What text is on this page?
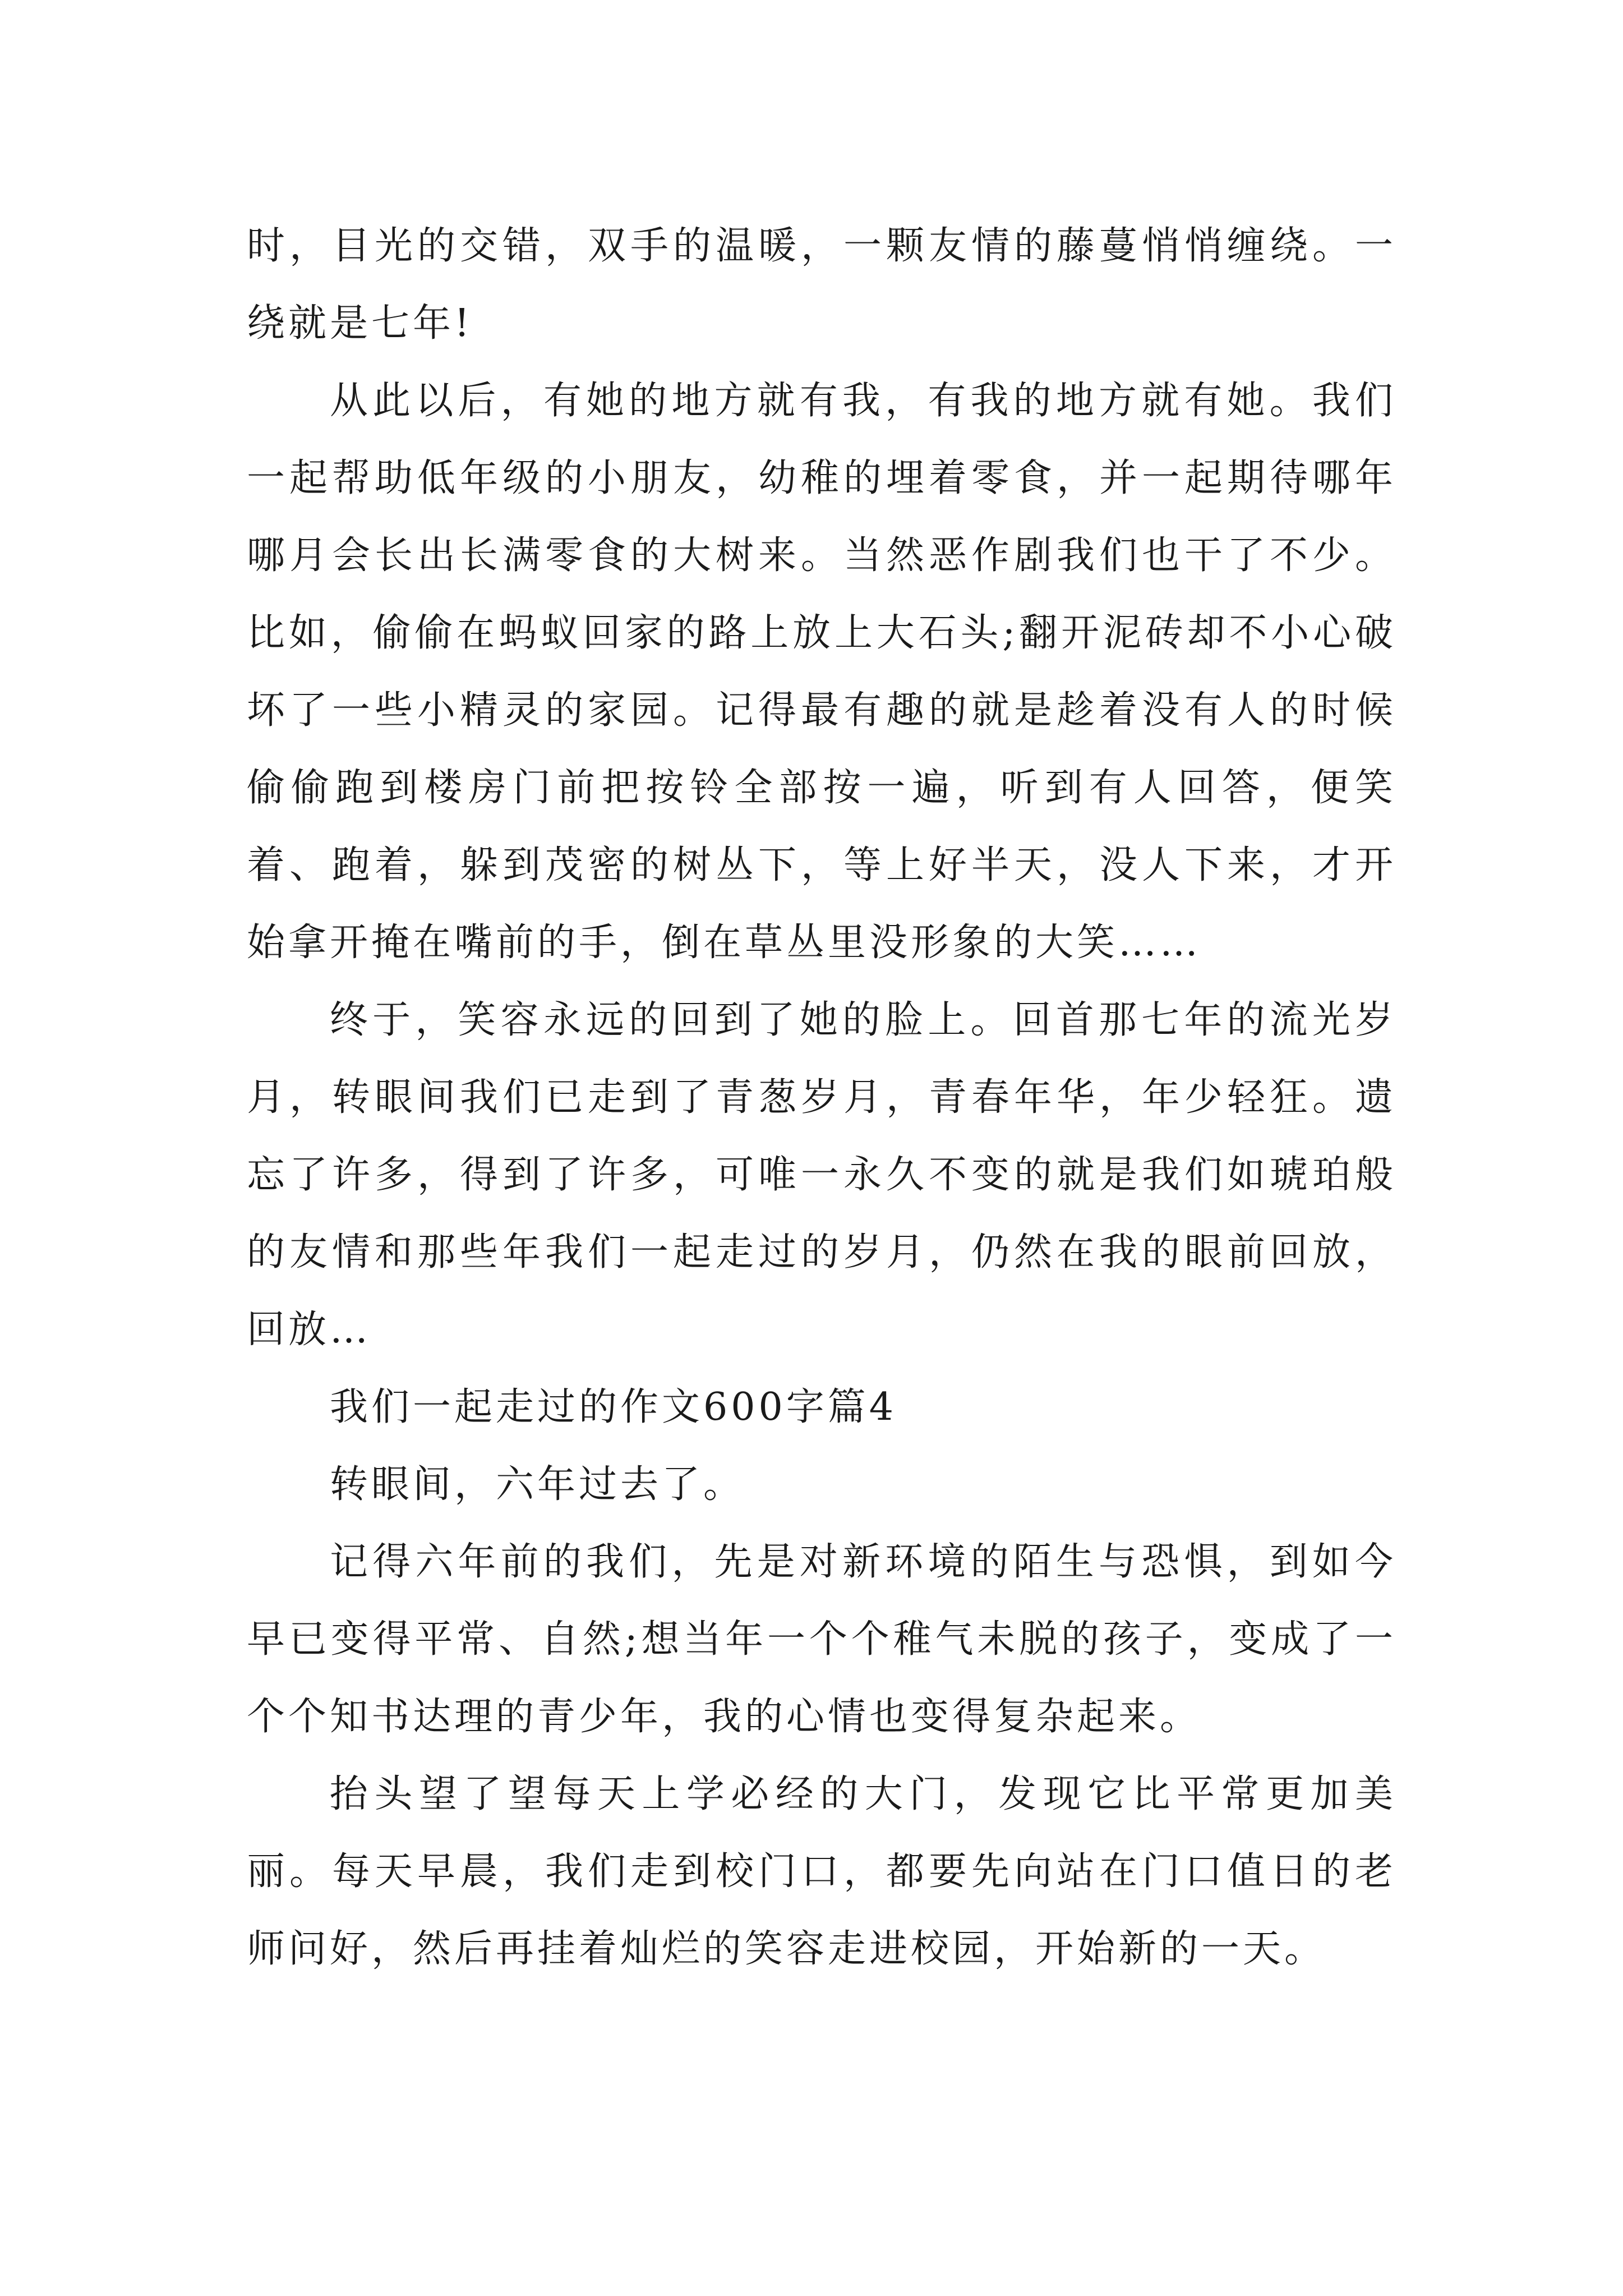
时，目光的交错，双手的温暖，一颗友情的藤蔓悄悄缠绕。一绕就是七年!

从此以后，有她的地方就有我，有我的地方就有她。我们一起帮助低年级的小朋友，幼稚的埋着零食，并一起期待哪年哪月会长出长满零食的大树来。当然恶作剧我们也干了不少。比如，偷偷在蚂蚁回家的路上放上大石头;翻开泥砖却不小心破坏了一些小精灵的家园。记得最有趣的就是趁着没有人的时候偷偷跑到楼房门前把按铃全部按一遍，听到有人回答，便笑着、跑着，躲到茂密的树丛下，等上好半天，没人下来，才开始拿开掩在嘴前的手，倒在草丛里没形象的大笑……

终于，笑容永远的回到了她的脸上。回首那七年的流光岁月，转眼间我们已走到了青葱岁月，青春年华，年少轻狂。遗忘了许多，得到了许多，可唯一永久不变的就是我们如琥珀般的友情和那些年我们一起走过的岁月，仍然在我的眼前回放，回放…

我们一起走过的作文600字篇4

转眼间，六年过去了。

记得六年前的我们，先是对新环境的陌生与恐惧，到如今早已变得平常、自然;想当年一个个稚气未脱的孩子，变成了一个个知书达理的青少年，我的心情也变得复杂起来。

抬头望了望每天上学必经的大门，发现它比平常更加美丽。每天早晨，我们走到校门口，都要先向站在门口值日的老师问好，然后再挂着灿烂的笑容走进校园，开始新的一天。
